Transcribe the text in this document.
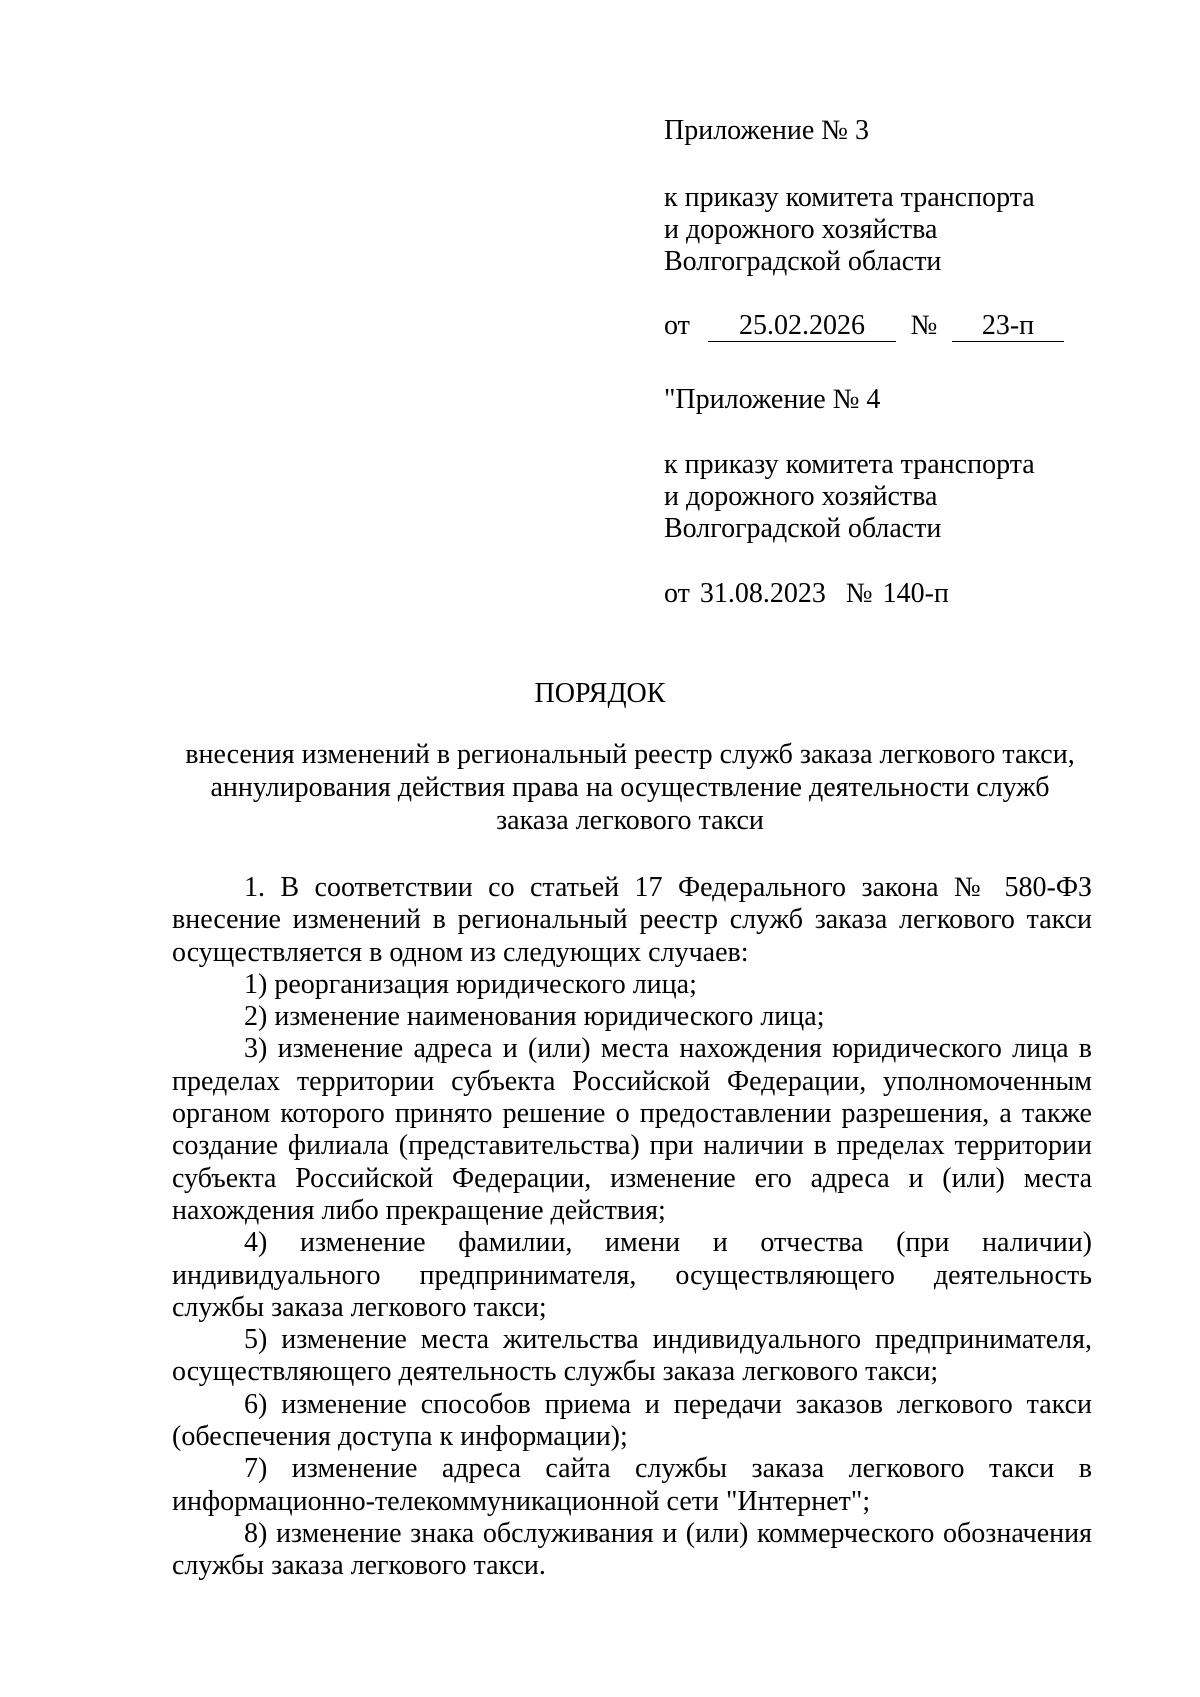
Приложение № 3
к приказу комитета транспорта
и дорожного хозяйства
Волгоградской области
от	25.02.2026	№	23-п
"Приложение № 4
к приказу комитета транспорта
и дорожного хозяйства
Волгоградской области
от 31.08.2023 № 140-п
ПОРЯДОК
внесения изменений в региональный реестр служб заказа легкового такси,
аннулирования действия права на осуществление деятельности служб
заказа легкового такси

1. В соответствии со статьей 17 Федерального закона № 580-ФЗ внесение изменений в региональный реестр служб заказа легкового такси осуществляется в одном из следующих случаев:

1) реорганизация юридического лица;

2) изменение наименования юридического лица;

3) изменение адреса и (или) места нахождения юридического лица в пределах территории субъекта Российской Федерации, уполномоченным органом которого принято решение о предоставлении разрешения, а также создание филиала (представительства) при наличии в пределах территории субъекта Российской Федерации, изменение его адреса и (или) места нахождения либо прекращение действия;

4) изменение фамилии, имени и отчества (при наличии) индивидуального предпринимателя, осуществляющего деятельность службы заказа легкового такси;

5) изменение места жительства индивидуального предпринимателя, осуществляющего деятельность службы заказа легкового такси;

6) изменение способов приема и передачи заказов легкового такси (обеспечения доступа к информации);

7) изменение адреса сайта службы заказа легкового такси в информационно-телекоммуникационной сети "Интернет";

8) изменение знака обслуживания и (или) коммерческого обозначения службы заказа легкового такси.
